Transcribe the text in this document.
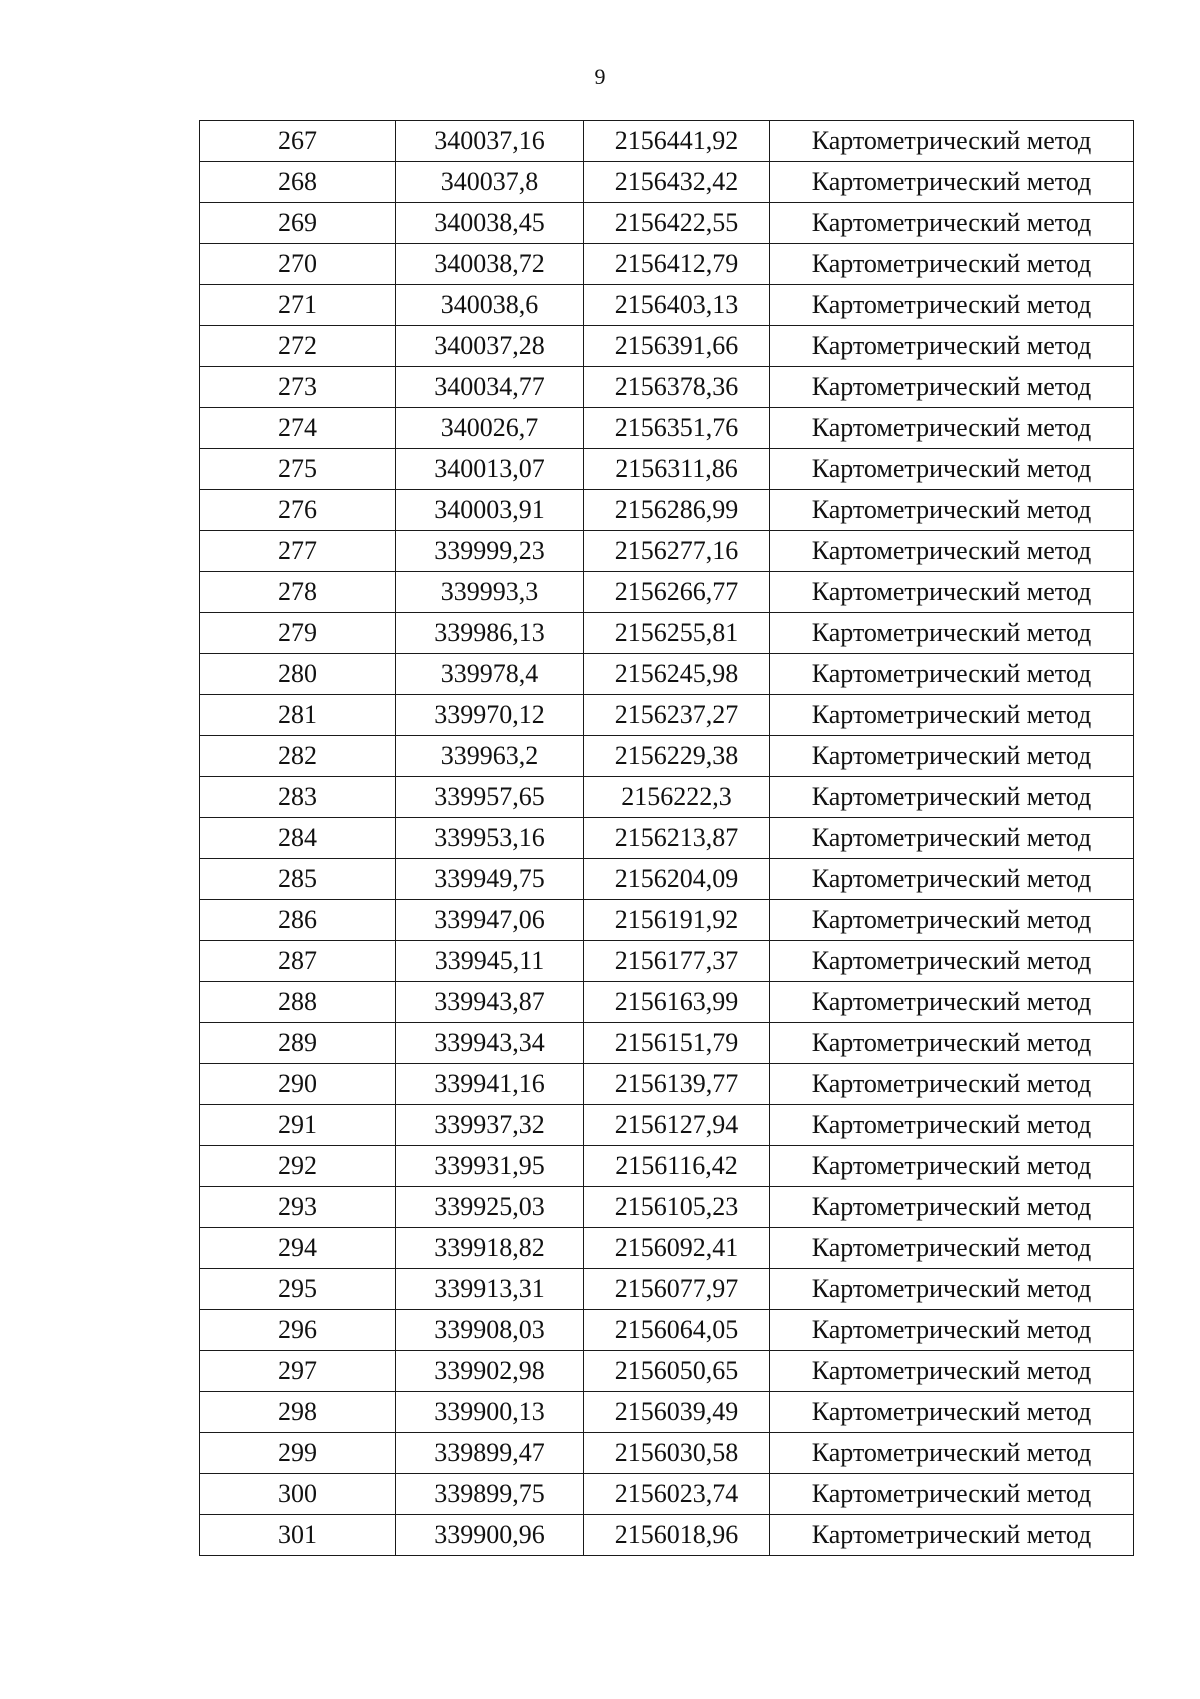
9
267	340037,16	2156441,92	Картометрический метод
268	340037,8	2156432,42	Картометрический метод
269	340038,45	2156422,55	Картометрический метод
270	340038,72	2156412,79	Картометрический метод
271	340038,6	2156403,13	Картометрический метод
272	340037,28	2156391,66	Картометрический метод
273	340034,77	2156378,36	Картометрический метод
274	340026,7	2156351,76	Картометрический метод
275	340013,07	2156311,86	Картометрический метод
276	340003,91	2156286,99	Картометрический метод
277	339999,23	2156277,16	Картометрический метод
278	339993,3	2156266,77	Картометрический метод
279	339986,13	2156255,81	Картометрический метод
280	339978,4	2156245,98	Картометрический метод
281	339970,12	2156237,27	Картометрический метод
282	339963,2	2156229,38	Картометрический метод
283	339957,65	2156222,3	Картометрический метод
284	339953,16	2156213,87	Картометрический метод
285	339949,75	2156204,09	Картометрический метод
286	339947,06	2156191,92	Картометрический метод
287	339945,11	2156177,37	Картометрический метод
288	339943,87	2156163,99	Картометрический метод
289	339943,34	2156151,79	Картометрический метод
290	339941,16	2156139,77	Картометрический метод
291	339937,32	2156127,94	Картометрический метод
292	339931,95	2156116,42	Картометрический метод
293	339925,03	2156105,23	Картометрический метод
294	339918,82	2156092,41	Картометрический метод
295	339913,31	2156077,97	Картометрический метод
296	339908,03	2156064,05	Картометрический метод
297	339902,98	2156050,65	Картометрический метод
298	339900,13	2156039,49	Картометрический метод
299	339899,47	2156030,58	Картометрический метод
300	339899,75	2156023,74	Картометрический метод
301	339900,96	2156018,96	Картометрический метод
